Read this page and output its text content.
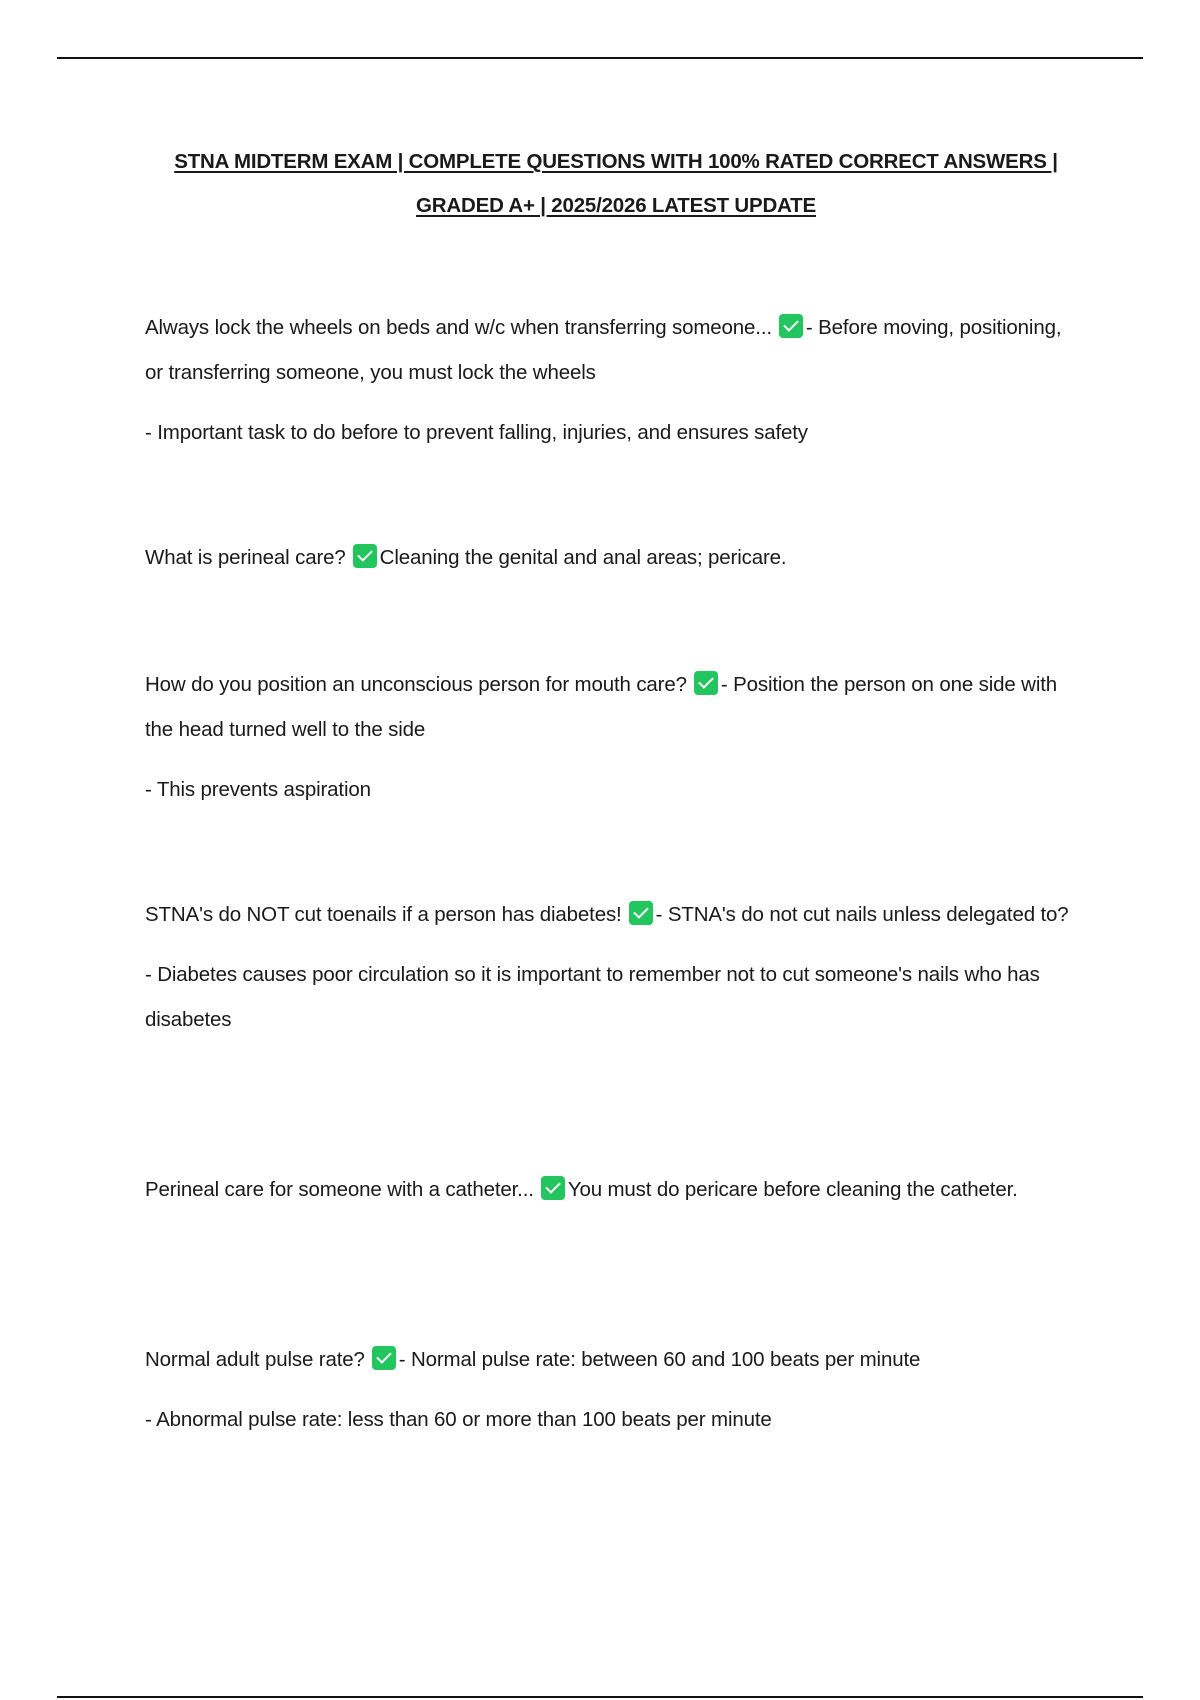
STNA MIDTERM EXAM | COMPLETE QUESTIONS WITH 100% RATED CORRECT ANSWERS |
GRADED A+ | 2025/2026 LATEST UPDATE

Always lock the wheels on beds and w/c when transferring someone... - Before moving, positioning, or transferring someone, you must lock the wheels

- Important task to do before to prevent falling, injuries, and ensures safety

What is perineal care? Cleaning the genital and anal areas; pericare.

How do you position an unconscious person for mouth care? - Position the person on one side with the head turned well to the side

- This prevents aspiration

STNA's do NOT cut toenails if a person has diabetes! - STNA's do not cut nails unless delegated to?

- Diabetes causes poor circulation so it is important to remember not to cut someone's nails who has disabetes

Perineal care for someone with a catheter... You must do pericare before cleaning the catheter.

Normal adult pulse rate? - Normal pulse rate: between 60 and 100 beats per minute

- Abnormal pulse rate: less than 60 or more than 100 beats per minute
